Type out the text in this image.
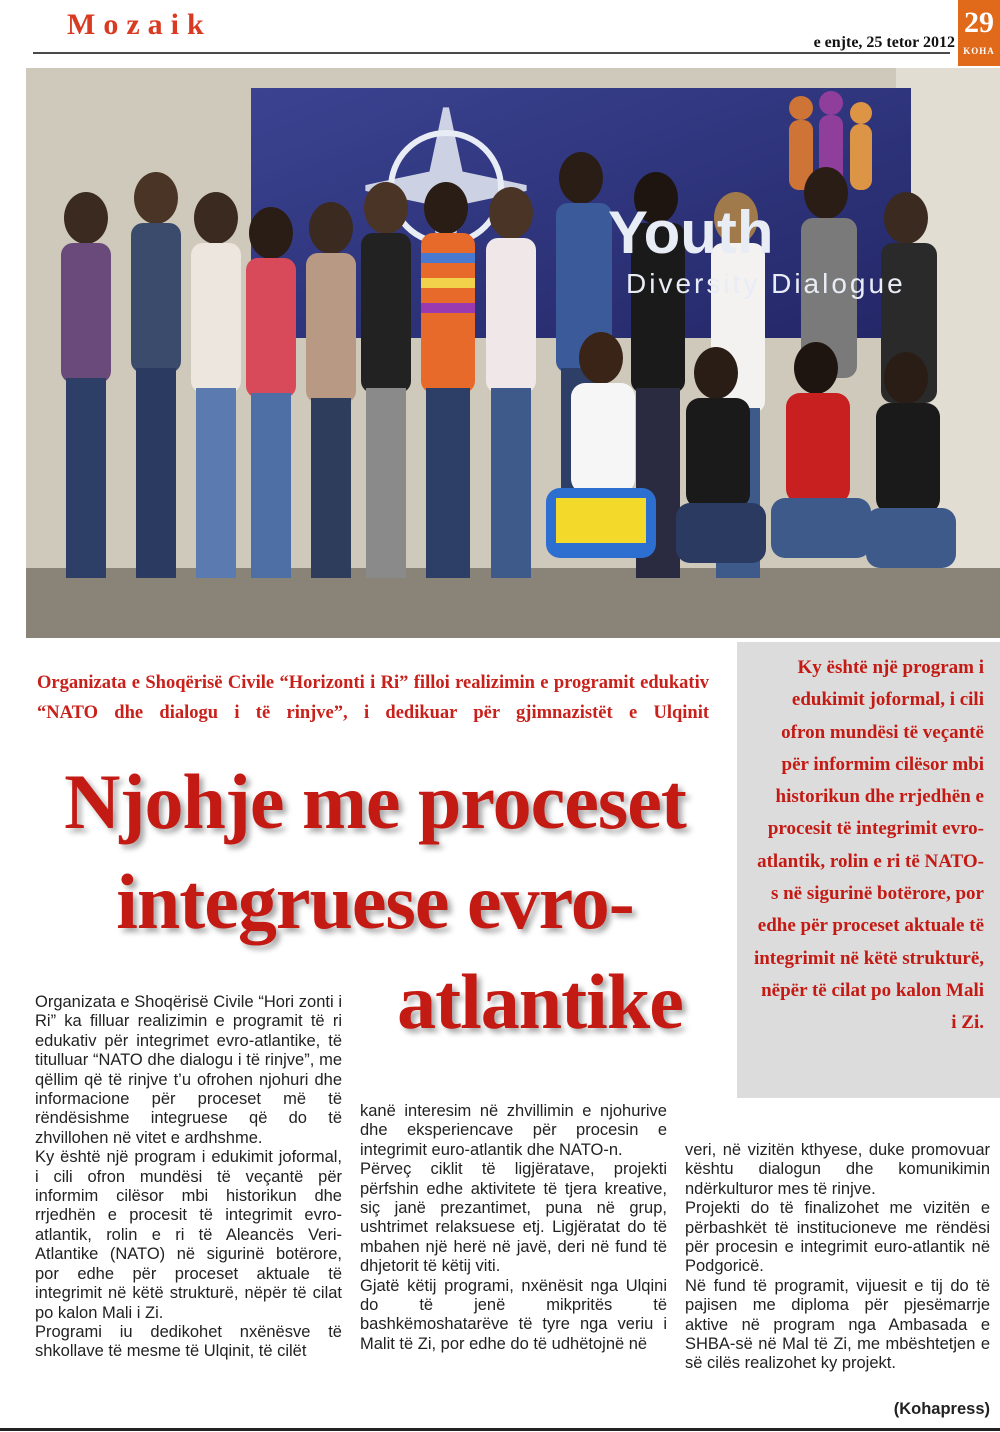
Mozaik
e enjte, 25 tetor 2012
29
KOHA
Youth
Diversity Dialogue
Organizata e Shoqërisë Civile “Horizonti i Ri” filloi realizimin e programit edukativ “NATO dhe dialogu i të rinjve”, i dedikuar për gjimnazistët e Ulqinit
Njohje me proceset
integruese evro-
atlantike
Ky është një program i edukimit joformal, i cili ofron mundësi të veçantë për informim cilësor mbi historikun dhe rrjedhën e procesit të integrimit evro-atlantik, rolin e ri të NATO-s në sigurinë botërore, por edhe për proceset aktuale të integrimit në këtë strukturë, nëpër të cilat po kalon Mali i Zi.

Organizata e Shoqërisë Civile “Hori zonti i Ri” ka filluar realizimin e programit të ri edukativ për integrimet evro-atlantike, të titulluar “NATO dhe dialogu i të rinjve”, me qëllim që të rinjve t’u ofrohen njohuri dhe informacione për proceset më të rëndësishme integruese që do të zhvillohen në vitet e ardhshme.

Ky është një program i edukimit joformal, i cili ofron mundësi të veçantë për informim cilësor mbi historikun dhe rrjedhën e procesit të integrimit evro-atlantik, rolin e ri të Aleancës Veri-Atlantike (NATO) në sigurinë botërore, por edhe për proceset aktuale të integrimit në këtë strukturë, nëpër të cilat po kalon Mali i Zi.

Programi iu dedikohet nxënësve të shkollave të mesme të Ulqinit, të cilët

kanë interesim në zhvillimin e njohurive dhe eksperiencave për procesin e integrimit euro-atlantik dhe NATO-n.

Përveç ciklit të ligjëratave, projekti përfshin edhe aktivitete të tjera kreative, siç janë prezantimet, puna në grup, ushtrimet relaksuese etj. Ligjëratat do të mbahen një herë në javë, deri në fund të dhjetorit të këtij viti.

Gjatë këtij programi, nxënësit nga Ulqini do të jenë mikpritës të bashkëmoshatarëve të tyre nga veriu i Malit të Zi, por edhe do të udhëtojnë në

veri, në vizitën kthyese, duke promovuar kështu dialogun dhe komunikimin ndërkulturor mes të rinjve.

Projekti do të finalizohet me vizitën e përbashkët të institucioneve me rëndësi për procesin e integrimit euro-atlantik në Podgoricë.

Në fund të programit, vijuesit e tij do të pajisen me diploma për pjesëmarrje aktive në program nga Ambasada e SHBA-së në Mal të Zi, me mbështetjen e së cilës realizohet ky projekt.

(Kohapress)
